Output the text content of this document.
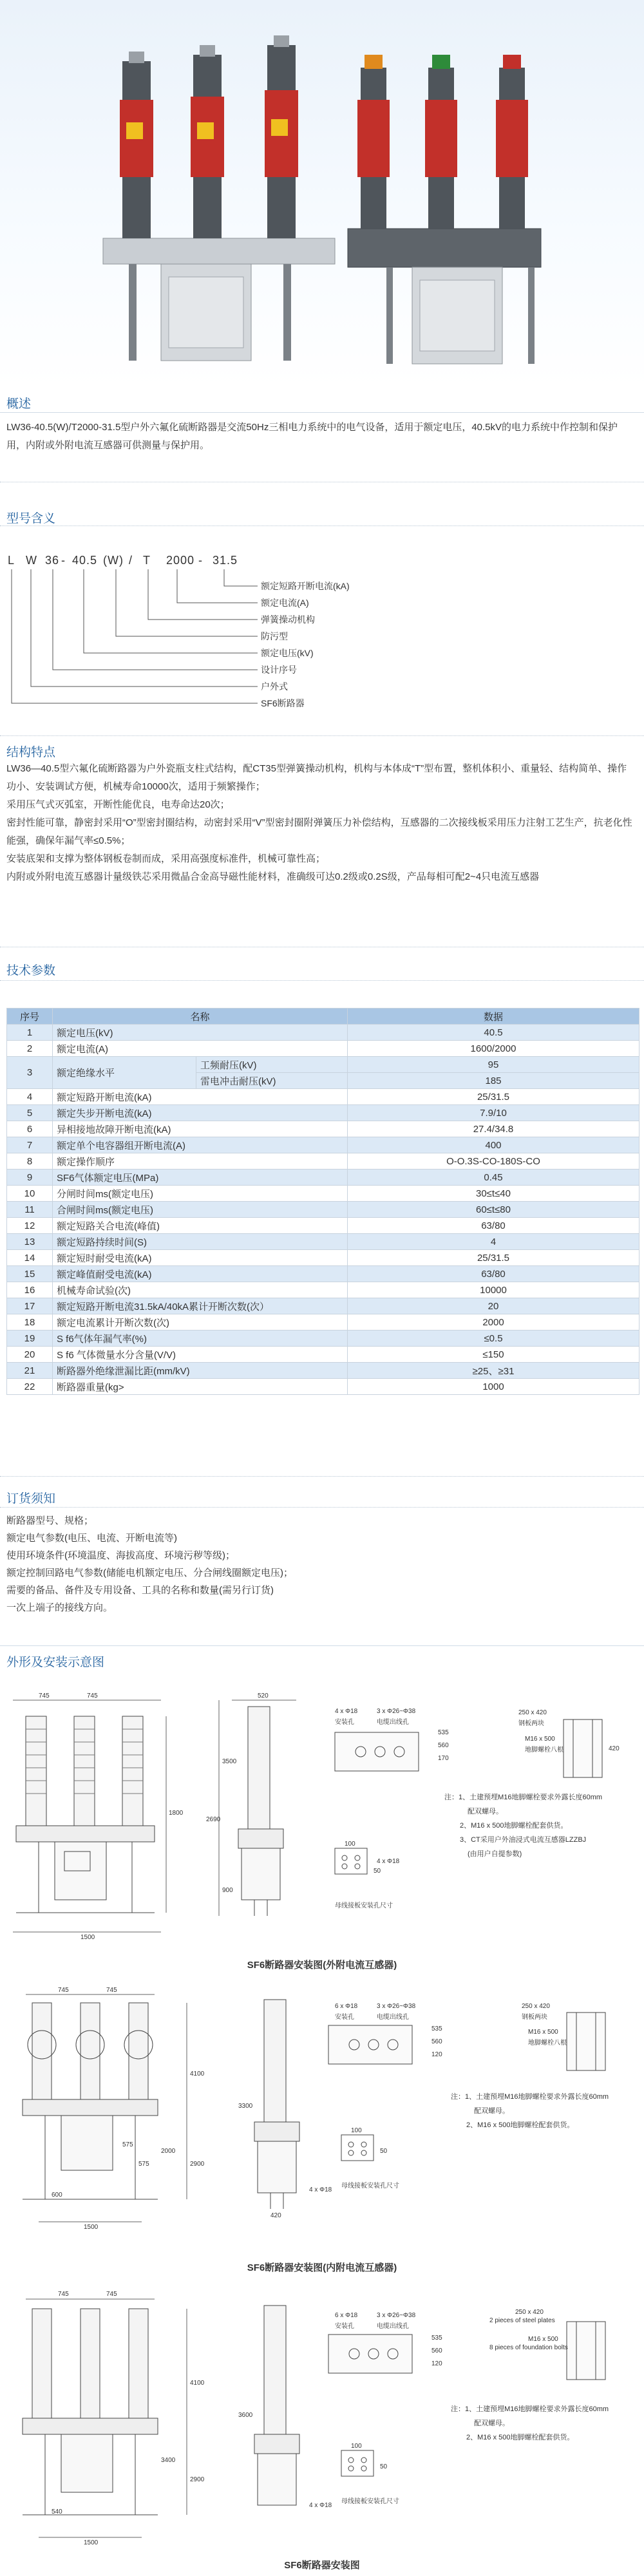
概述
LW36-40.5(W)/T2000-31.5型户外六氟化硫断路器是交流50Hz三相电力系统中的电气设备，适用于额定电压，40.5kV的电力系统中作控制和保护用，内附或外附电流互感器可供测量与保护用。
型号含义
L W 36 - 40.5 (W) / T 2000 - 31.5
额定短路开断电流(kA)
额定电流(A)
弹簧操动机构
防污型
额定电压(kV)
设计序号
户外式
SF6断路器
结构特点

LW36—40.5型六氟化硫断路器为户外瓷瓶支柱式结构，配CT35型弹簧操动机构，机构与本体成“T”型布置，整机体积小、重量轻、结构简单、操作功小、安装调试方便，机械寿命10000次，适用于频繁操作；

采用压气式灭弧室，开断性能优良，电寿命达20次；

密封性能可靠，静密封采用“O”型密封圈结构，动密封采用“V”型密封圈附弹簧压力补偿结构，互感器的二次接线板采用压力注射工艺生产，抗老化性能强，确保年漏气率≤0.5%；

安装底架和支撑为整体钢板卷制而成，采用高强度标准件，机械可靠性高；

内附或外附电流互感器计量级铁芯采用微晶合金高导磁性能材料，准确级可达0.2级或0.2S级，产品每相可配2~4只电流互感器

技术参数
序号	名称		数据
1	额定电压(kV)		40.5
2	额定电流(A)		1600/2000
3	额定绝缘水平	工频耐压(kV)	95
		雷电冲击耐压(kV)	185
4	额定短路开断电流(kA)		25/31.5
5	额定失步开断电流(kA)		7.9/10
6	异相接地故障开断电流(kA)		27.4/34.8
7	额定单个电容器组开断电流(A)		400
8	额定操作顺序		O-O.3S-CO-180S-CO
9	SF6气体额定电压(MPa)		0.45
10	分闸时间ms(额定电压)		30≤t≤40
11	合闸时间ms(额定电压)		60≤t≤80
12	额定短路关合电流(峰值)		63/80
13	额定短路持续时间(S)		4
14	额定短时耐受电流(kA)		25/31.5
15	额定峰值耐受电流(kA)		63/80
16	机械寿命试验(次)		10000
17	额定短路开断电流31.5kA/40kA累计开断次数(次）		20
18	额定电流累计开断次数(次)		2000
19	S f6气体年漏气率(%)		≤0.5
20	S f6 气体微量水分含量(V/V)		≤150
21	断路器外绝缘泄漏比距(mm/kV)		≥25、≥31
22	断路器重量(kg>		1000
订货须知

断路器型号、规格；

额定电气参数(电压、电流、开断电流等)

使用环境条件(环境温度、海拔高度、环境污秽等级)；

额定控制回路电气参数(储能电机额定电压、分合闸线圈额定电压)；

需要的备品、备件及专用设备、工具的名称和数量(需另行订货)

一次上端子的接线方向。

外形及安装示意图
745	745	520
1500
1800
2690
900
3500
4 x Φ18
安装孔
3 x Φ26~Φ38
电缆出线孔
535
560
170
250 x 420
钢板两块
M16 x 500
地脚螺栓八根	420
4 x Φ18
母线接板安装孔尺寸
100
50

注：1、土建预埋M16地脚螺栓要求外露长度60mm

配双螺母。

2、M16 x 500地脚螺栓配套供货。

3、CT采用户外油浸式电流互感器LZZBJ

(由用户自提参数)

SF6断路器安装图(外附电流互感器)
745	745
4100
2000
575
575	2900
1500
600
3300
420
6 x Φ18
安装孔
3 x Φ26~Φ38
电缆出线孔
535
560
120
250 x 420
钢板两块
M16 x 500
地脚螺栓八根
4 x Φ18
母线接板安装孔尺寸
100
50

注：1、土建预埋M16地脚螺栓要求外露长度60mm

配双螺母。

2、M16 x 500地脚螺栓配套供货。

SF6断路器安装图(内附电流互感器)
745	745
4100
3400
2900
540
1500
3600
6 x Φ18
安装孔
3 x Φ26~Φ38
电缆出线孔
535
560
120
250 x 420
2 pieces of steel plates
M16 x 500
8 pieces of foundation bolts
4 x Φ18
母线接板安装孔尺寸
100
50

注：1、土建预埋M16地脚螺栓要求外露长度60mm

配双螺母。

2、M16 x 500地脚螺栓配套供货。

SF6断路器安装图
